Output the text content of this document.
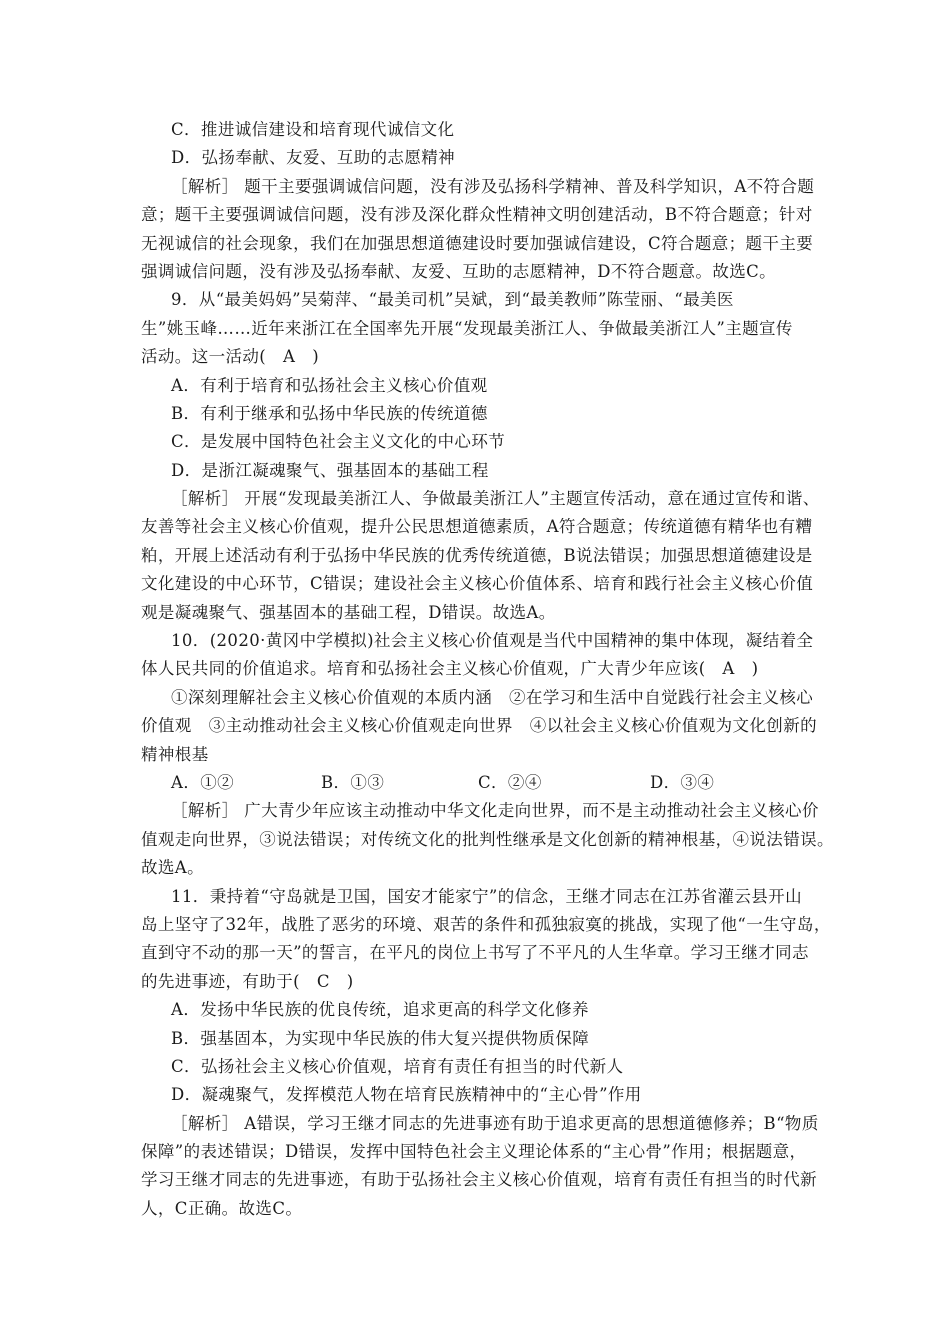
C．推进诚信建设和培育现代诚信文化
D．弘扬奉献、友爱、互助的志愿精神
［解析］ 题干主要强调诚信问题，没有涉及弘扬科学精神、普及科学知识，A不符合题
意；题干主要强调诚信问题，没有涉及深化群众性精神文明创建活动，B不符合题意；针对
无视诚信的社会现象，我们在加强思想道德建设时要加强诚信建设，C符合题意；题干主要
强调诚信问题，没有涉及弘扬奉献、友爱、互助的志愿精神，D不符合题意。故选C。
9．从“最美妈妈”吴菊萍、“最美司机”吴斌，到“最美教师”陈莹丽、“最美医
生”姚玉峰……近年来浙江在全国率先开展“发现最美浙江人、争做最美浙江人”主题宣传
活动。这一活动(　A　)
A．有利于培育和弘扬社会主义核心价值观
B．有利于继承和弘扬中华民族的传统道德
C．是发展中国特色社会主义文化的中心环节
D．是浙江凝魂聚气、强基固本的基础工程
［解析］ 开展“发现最美浙江人、争做最美浙江人”主题宣传活动，意在通过宣传和谐、
友善等社会主义核心价值观，提升公民思想道德素质，A符合题意；传统道德有精华也有糟
粕，开展上述活动有利于弘扬中华民族的优秀传统道德，B说法错误；加强思想道德建设是
文化建设的中心环节，C错误；建设社会主义核心价值体系、培育和践行社会主义核心价值
观是凝魂聚气、强基固本的基础工程，D错误。故选A。
10．(2020·黄冈中学模拟)社会主义核心价值观是当代中国精神的集中体现，凝结着全
体人民共同的价值追求。培育和弘扬社会主义核心价值观，广大青少年应该(　A　)
①深刻理解社会主义核心价值观的本质内涵　②在学习和生活中自觉践行社会主义核心
价值观　③主动推动社会主义核心价值观走向世界　④以社会主义核心价值观为文化创新的
精神根基
A．①②	B．①③	C．②④	D．③④
［解析］ 广大青少年应该主动推动中华文化走向世界，而不是主动推动社会主义核心价
值观走向世界，③说法错误；对传统文化的批判性继承是文化创新的精神根基，④说法错误。
故选A。
11．秉持着“守岛就是卫国，国安才能家宁”的信念，王继才同志在江苏省灌云县开山
岛上坚守了32年，战胜了恶劣的环境、艰苦的条件和孤独寂寞的挑战，实现了他“一生守岛，
直到守不动的那一天”的誓言，在平凡的岗位上书写了不平凡的人生华章。学习王继才同志
的先进事迹，有助于(　C　)
A．发扬中华民族的优良传统，追求更高的科学文化修养
B．强基固本，为实现中华民族的伟大复兴提供物质保障
C．弘扬社会主义核心价值观，培育有责任有担当的时代新人
D．凝魂聚气，发挥模范人物在培育民族精神中的“主心骨”作用
［解析］ A错误，学习王继才同志的先进事迹有助于追求更高的思想道德修养；B“物质
保障”的表述错误；D错误，发挥中国特色社会主义理论体系的“主心骨”作用；根据题意，
学习王继才同志的先进事迹，有助于弘扬社会主义核心价值观，培育有责任有担当的时代新
人，C正确。故选C。
